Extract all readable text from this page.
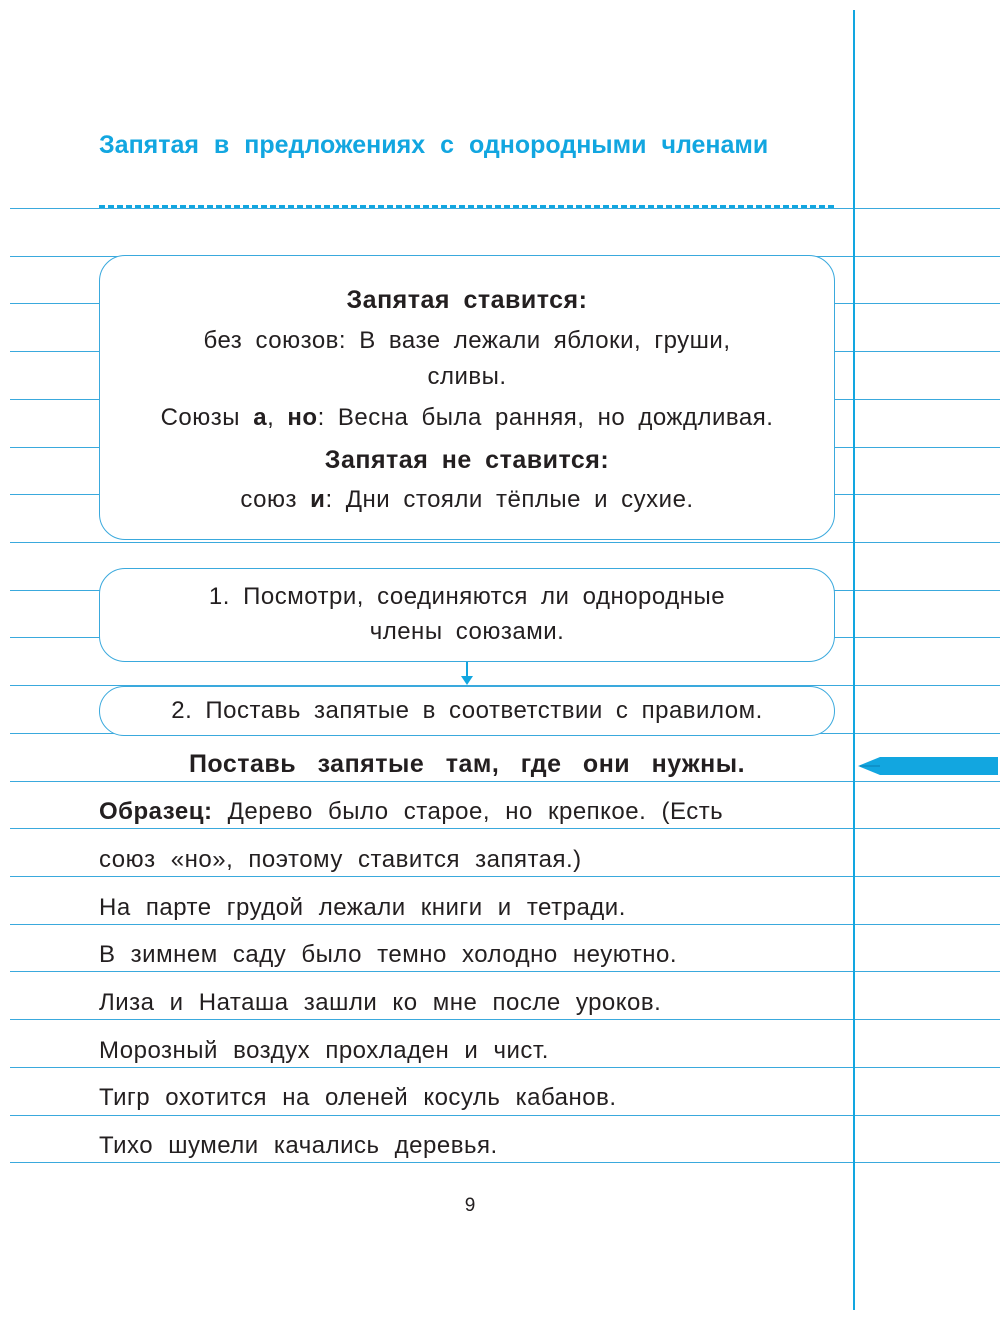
Запятая в предложениях с однородными членами
Запятая ставится:
без союзов: В вазе лежали яблоки, груши,
сливы.
Союзы а, но: Весна была ранняя, но дождливая.
Запятая не ставится:
союз и: Дни стояли тёплые и сухие.
1. Посмотри, соединяются ли однородные
члены союзами.
2. Поставь запятые в соответствии с правилом.
Поставь запятые там, где они нужны.
Образец: Дерево было старое, но крепкое. (Есть
союз «но», поэтому ставится запятая.)
На парте грудой лежали книги и тетради.
В зимнем саду было темно холодно неуютно.
Лиза и Наташа зашли ко мне после уроков.
Морозный воздух прохладен и чист.
Тигр охотится на оленей косуль кабанов.
Тихо шумели качались деревья.
9
